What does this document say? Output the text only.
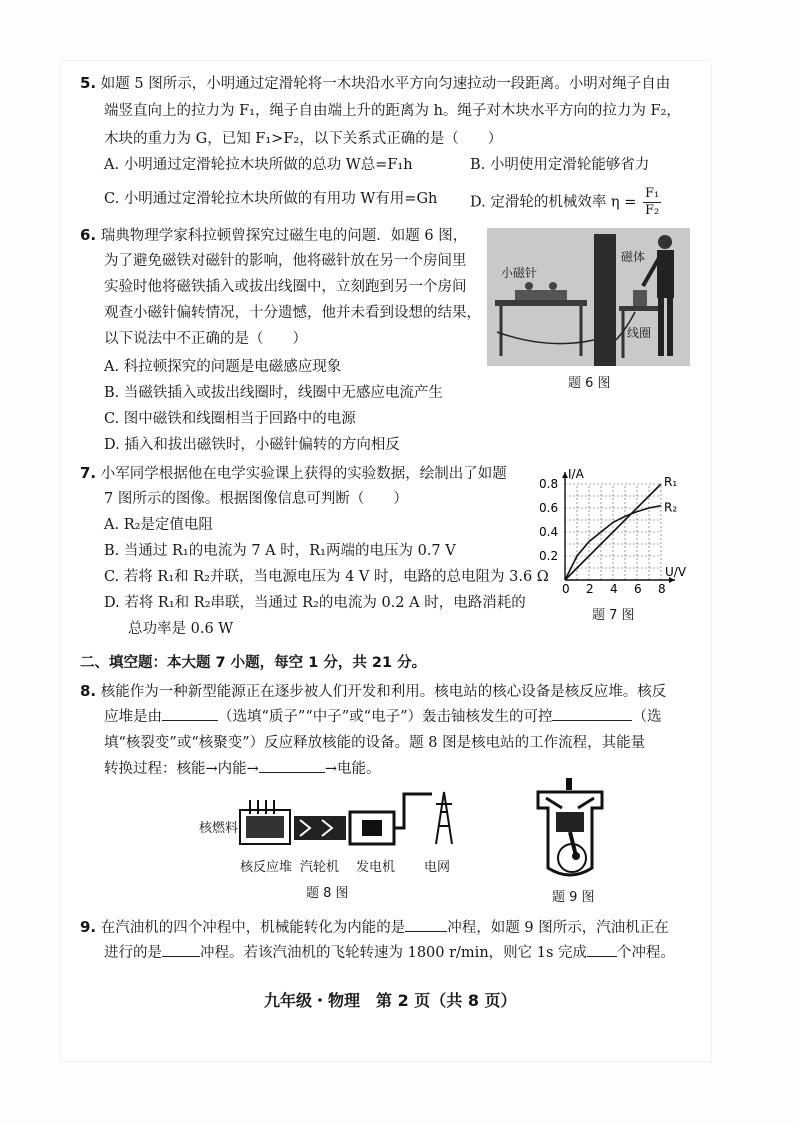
5. 如题 5 图所示，小明通过定滑轮将一木块沿水平方向匀速拉动一段距离。小明对绳子自由
端竖直向上的拉力为 F₁，绳子自由端上升的距离为 h。绳子对木块水平方向的拉力为 F₂，
木块的重力为 G，已知 F₁>F₂，以下关系式正确的是（　　）
A. 小明通过定滑轮拉木块所做的总功 W总=F₁h	B. 小明使用定滑轮能够省力
C. 小明通过定滑轮拉木块所做的有用功 W有用=Gh D. 定滑轮的机械效率 $\eta = \frac{\text{F₁}}{\text{F₂}}$
6. 瑞典物理学家科拉顿曾探究过磁生电的问题．如题 6 图，
为了避免磁铁对磁针的影响，他将磁针放在另一个房间里
实验时他将磁铁插入或拔出线圈中，立刻跑到另一个房间
观查小磁针偏转情况，十分遗憾，他并未看到设想的结果，
以下说法中不正确的是（　　）
A. 科拉顿探究的问题是电磁感应现象
B. 当磁铁插入或拔出线圈时，线圈中无感应电流产生
C. 图中磁铁和线圈相当于回路中的电源
D. 插入和拔出磁铁时，小磁针偏转的方向相反
小磁针
磁体
线圈
题 6 图
7. 小军同学根据他在电学实验课上获得的实验数据，绘制出了如题
7 图所示的图像。根据图像信息可判断（　　）
A. R₂是定值电阻
B. 当通过 R₁的电流为 7 A 时，R₁两端的电压为 0.7 V
C. 若将 R₁和 R₂并联，当电源电压为 4 V 时，电路的总电阻为 3.6 Ω
D. 若将 R₁和 R₂串联，当通过 R₂的电流为 0.2 A 时，电路消耗的
总功率是 0.6 W
U/V
I/A
0 2 4 6 8
0.2
0.4
0.6
0.8	R₁
R₂
题 7 图
二、填空题：本大题 7 小题，每空 1 分，共 21 分。
8. 核能作为一种新型能源正在逐步被人们开发和利用。核电站的核心设备是核反应堆。核反
应堆是由	（选填“质子”“中子”或“电子”）轰击铀核发生的可控	（选
填“核裂变”或“核聚变”）反应释放核能的设备。题 8 图是核电站的工作流程，其能量
转换过程：核能→内能→	→电能。
核燃料
核反应堆 汽轮机 发电机 电网
题 8 图	题 9 图
9. 在汽油机的四个冲程中，机械能转化为内能的是	冲程，如题 9 图所示，汽油机正在
进行的是	冲程。若该汽油机的飞轮转速为 1800 r/min，则它 1s 完成 个冲程。
九年级・物理　第 2 页（共 8 页）
